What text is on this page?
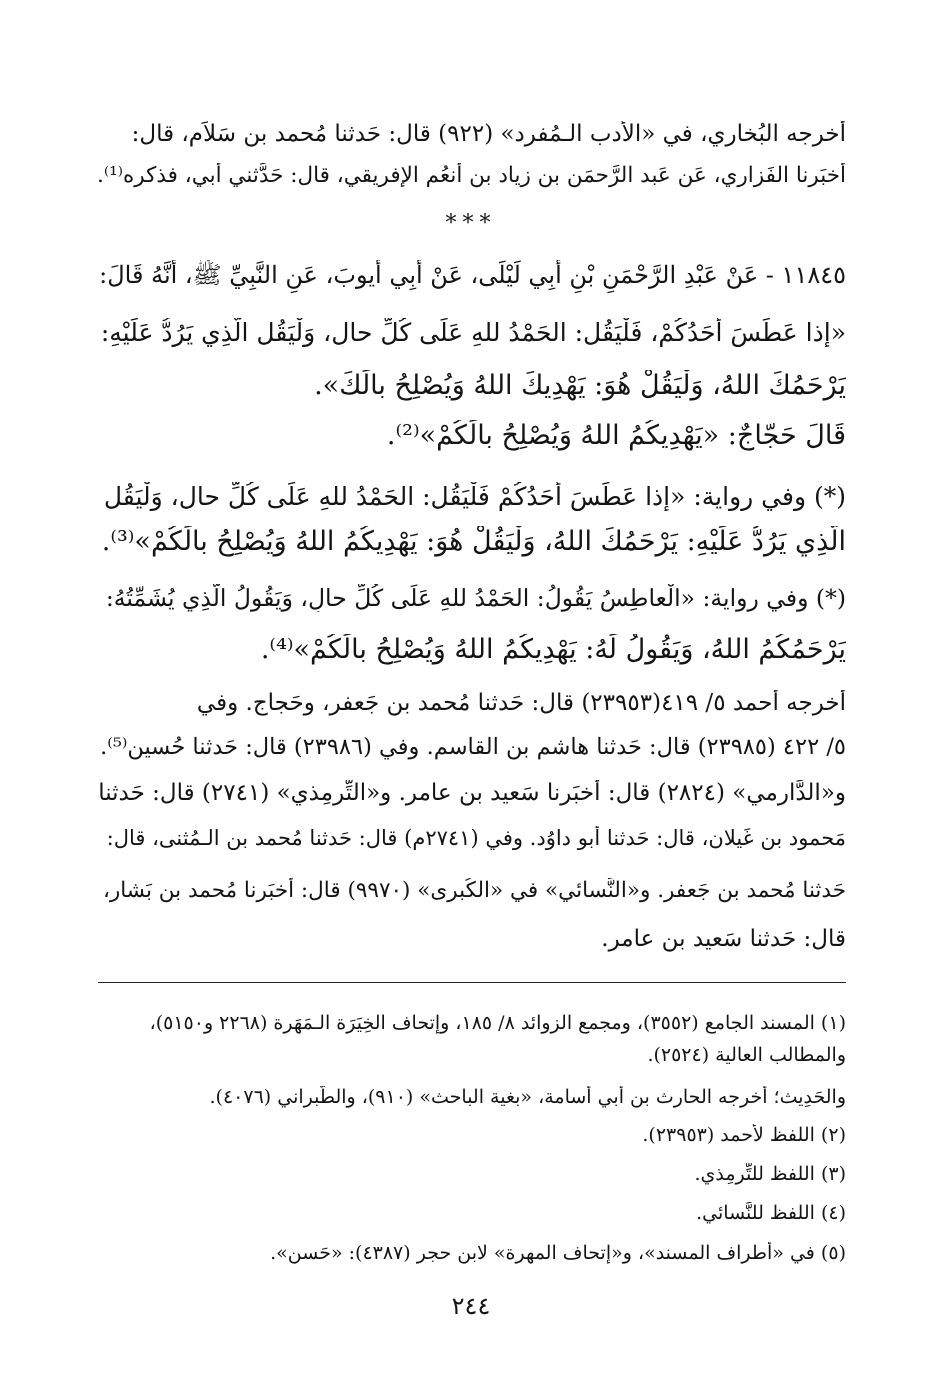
أخرجه البُخاري، في «الأدب الـمُفرد» (٩٢٢) قال: حَدثنا مُحمد بن سَلاَم، قال:
أخبَرنا الفَزاري، عَن عَبد الرَّحمَن بن زياد بن أنعُم الإفريقي، قال: حَدَّثني أبي، فذكره⁽¹⁾.
***
١١٨٤٥ - عَنْ عَبْدِ الرَّحْمَنِ بْنِ أَبِي لَيْلَى، عَنْ أَبِي أَيوبَ، عَنِ النَّبِيِّ ﷺ، أَنَّهُ قَالَ:
«إِذا عَطَسَ أَحَدُكُمْ، فَلْيَقُلِ: الحَمْدُ للهِ عَلَى كُلِّ حالٍ، وَلْيَقُلِ الَّذِي يَرُدُّ عَلَيْهِ:
يَرْحَمُكَ اللهُ، وَلْيَقُلْ هُوَ: يَهْدِيكَ اللهُ وَيُصْلِحُ بالَكَ».
قَالَ حَجّاجٌ: «يَهْدِيكُمُ اللهُ وَيُصْلِحُ بالَكُمْ»⁽²⁾.
(*) وفي رواية: «إِذا عَطَسَ أَحَدُكُمْ فَلْيَقُلِ: الحَمْدُ للهِ عَلَى كُلِّ حالٍ، وَلْيَقُلِ
الَّذِي يَرُدُّ عَلَيْهِ: يَرْحَمُكَ اللهُ، وَلْيَقُلْ هُوَ: يَهْدِيكُمُ اللهُ وَيُصْلِحُ بالَكُمْ»⁽³⁾.
(*) وفي رواية: «الْعاطِسُ يَقُولُ: الحَمْدُ للهِ عَلَى كُلِّ حالٍ، وَيَقُولُ الَّذِي يُشَمِّتُهُ:
يَرْحَمُكُمُ اللهُ، وَيَقُولُ لَهُ: يَهْدِيكُمُ اللهُ وَيُصْلِحُ بالَكُمْ»⁽⁴⁾.
أخرجه أحمد ٥/ ٤١٩(٢٣٩٥٣) قال: حَدثنا مُحمد بن جَعفر، وحَجاج. وفي
٥/ ٤٢٢ (٢٣٩٨٥) قال: حَدثنا هاشم بن القاسم. وفي (٢٣٩٨٦) قال: حَدثنا حُسين⁽⁵⁾.
و«الدَّارمي» (٢٨٢٤) قال: أخبَرنا سَعيد بن عامر. و«التِّرمِذي» (٢٧٤١) قال: حَدثنا
مَحمود بن غَيلان، قال: حَدثنا أبو داوُد. وفي (٢٧٤١م) قال: حَدثنا مُحمد بن الـمُثنى، قال:
حَدثنا مُحمد بن جَعفر. و«النَّسائي» في «الكُبرى» (٩٩٧٠) قال: أخبَرنا مُحمد بن بَشار،
قال: حَدثنا سَعيد بن عامر.
(١) المسند الجامع (٣٥٥٢)، ومجمع الزوائد ٨/ ١٨٥، وإتحاف الخِيَرَة الـمَهَرة (٢٢٦٨ و٥١٥٠)،
والمطالب العالية (٢٥٢٤).
والحَدِيث؛ أخرجه الحارث بن أبي أُسامة، «بغية الباحث» (٩١٠)، والطَّبراني (٤٠٧٦).
(٢) اللفظ لأحمد (٢٣٩٥٣).
(٣) اللفظ للتِّرمِذي.
(٤) اللفظ للنَّسائي.
(٥) في «أطراف المسند»، و«إتحاف المهرة» لابن حجر (٤٣٨٧): «حَسن».
٢٤٤
